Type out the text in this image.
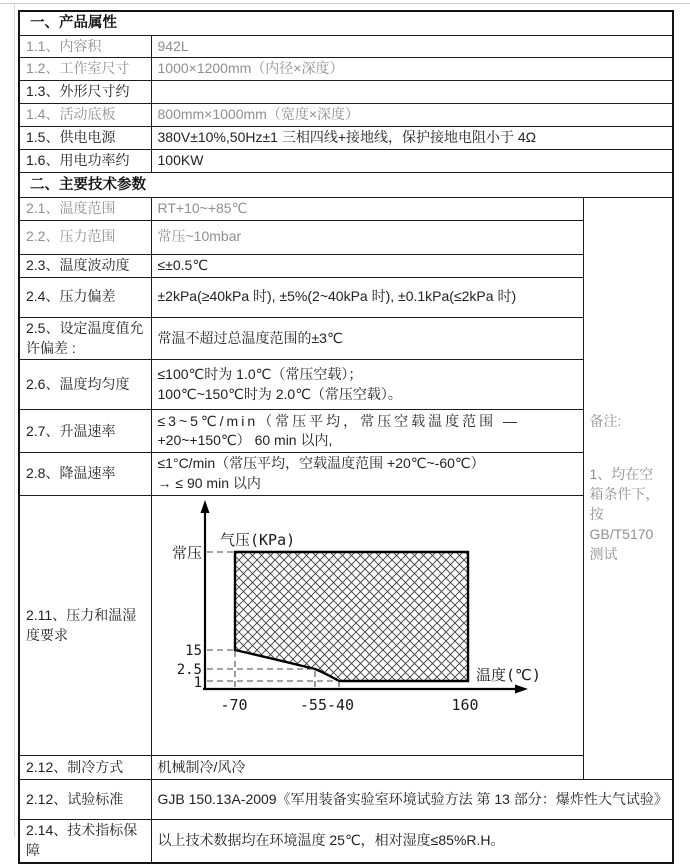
一、产品属性		
1.1、内容积	942L	
1.2、工作室尺寸	1000×1200mm（内径×深度）	
1.3、外形尺寸约		
1.4、活动底板	800mm×1000mm（宽度×深度）	
1.5、供电电源	380V±10%,50Hz±1 三相四线+接地线，保护接地电阻小于 4Ω	
1.6、用电功率约	100KW	
二、主要技术参数		
2.1、温度范围	RT+10~+85℃	
备注:
1、均在空
箱条件下，
按
GB/T5170
测试

2.2、压力范围	常压~10mbar	
2.3、温度波动度	≤±0.5℃	
2.4、压力偏差	±2kPa(≥40kPa 时), ±5%(2~40kPa 时), ±0.1kPa(≤2kPa 时)	
2.5、设定温度值允许偏差 :	常温不超过总温度范围的±3℃	
2.6、温度均匀度	≤100℃时为 1.0℃（常压空载）；
100℃~150℃时为 2.0℃（常压空载）。	

2.7、升温速率	≤3~5℃/min（常压平均，常压空载温度范围 —
+20~+150℃） 60 min 以内,	

2.8、降温速率	≤1°C/min（常压平均，空载温度范围 +20℃~-60℃）
→ ≤ 90 min 以内	

2.11、压力和温湿度要求	
气压(KPa)
常压
15
2.5
1	温度(℃)
-70	-55-40	160

2.12、制冷方式	机械制冷/风冷	
2.12、试验标准	GJB 150.13A-2009《军用装备实验室环境试验方法 第 13 部分：爆炸性大气试验》	
2.14、技术指标保障	以上技术数据均在环境温度 25℃，相对湿度≤85%R.H。	
